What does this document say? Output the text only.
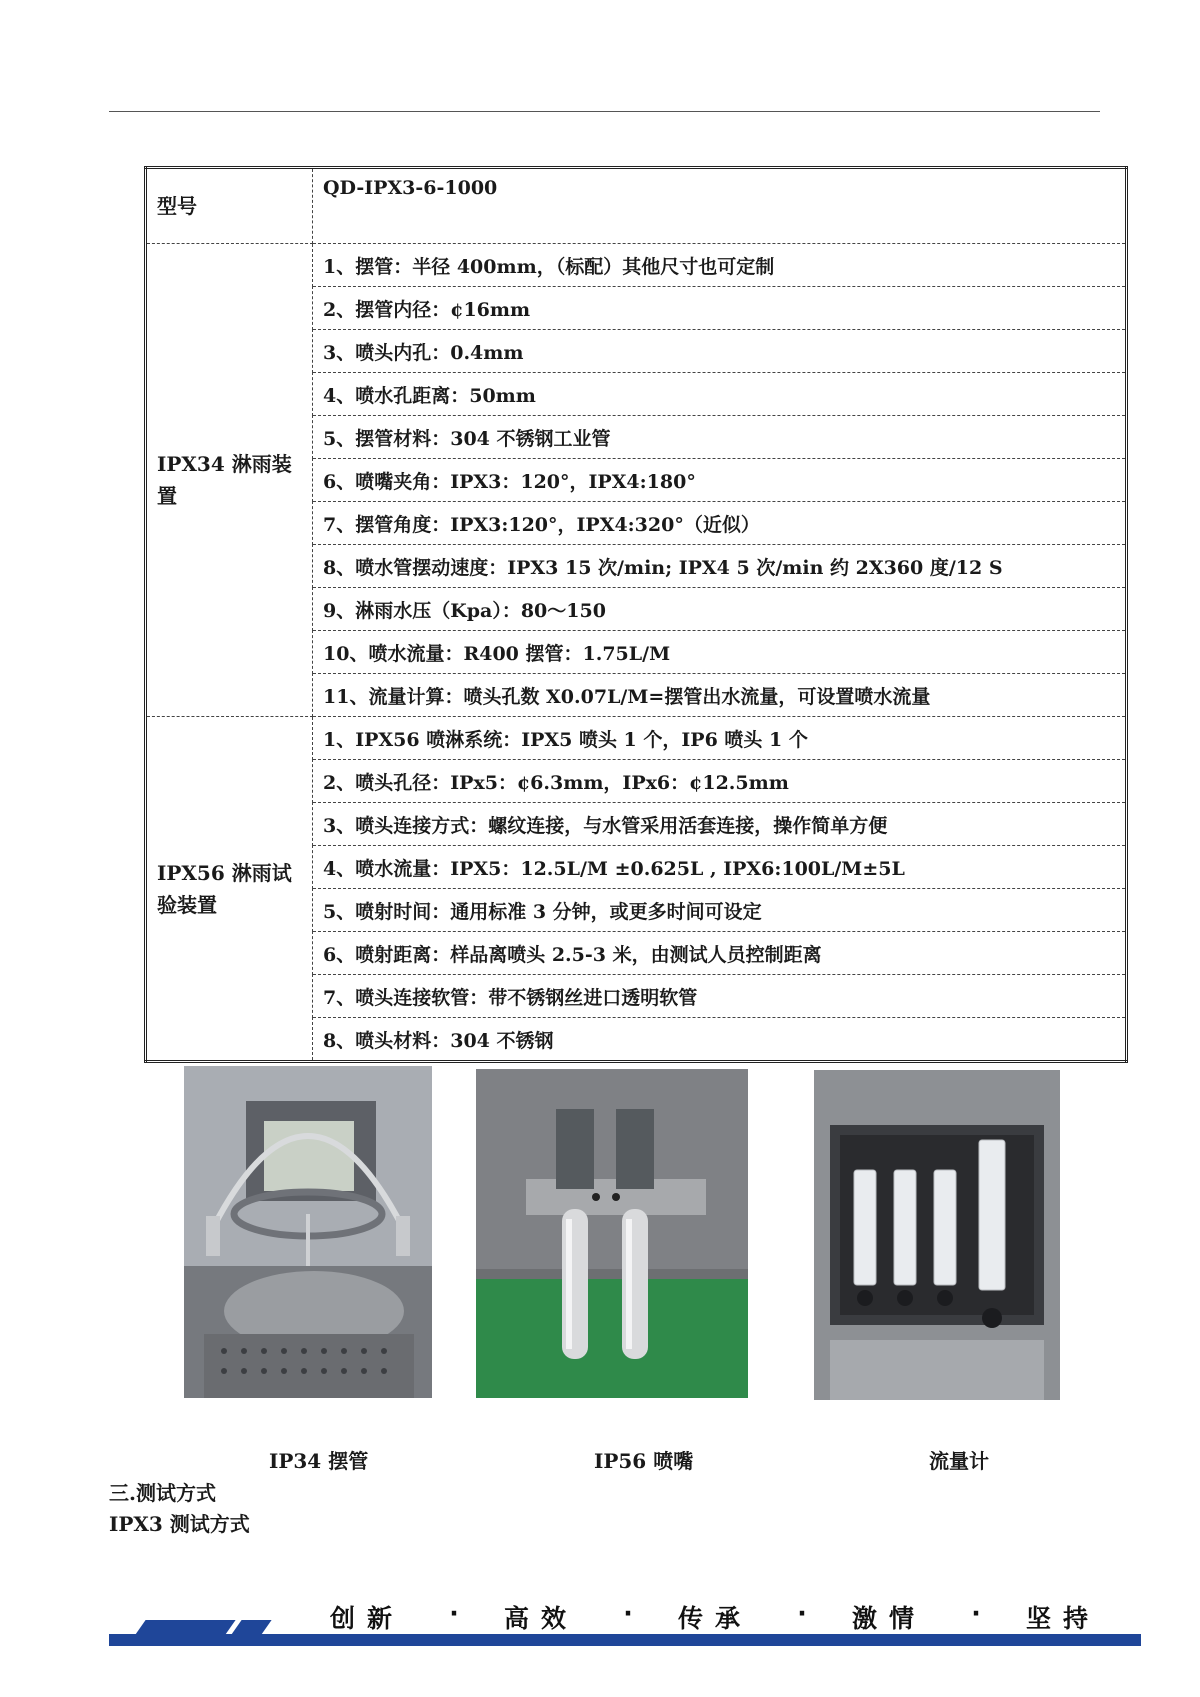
型号	QD-IPX3-6-1000
IPX34 淋雨装置	1、摆管：半径 400mm，（标配）其他尺寸也可定制
	2、摆管内径：¢16mm
	3、喷头内孔：0.4mm
	4、喷水孔距离：50mm
	5、摆管材料：304 不锈钢工业管
	6、喷嘴夹角：IPX3：120°，IPX4:180°
	7、摆管角度：IPX3:120°，IPX4:320°（近似）
	8、喷水管摆动速度：IPX3 15 次/min; IPX4 5 次/min 约 2X360 度/12 S
	9、淋雨水压（Kpa）：80～150
	10、喷水流量：R400 摆管：1.75L/M
	11、流量计算：喷头孔数 X0.07L/M=摆管出水流量，可设置喷水流量
IPX56 淋雨试验装置	1、IPX56 喷淋系统：IPX5 喷头 1 个，IP6 喷头 1 个
	2、喷头孔径：IPx5：¢6.3mm，IPx6：¢12.5mm
	3、喷头连接方式：螺纹连接，与水管采用活套连接，操作简单方便
	4、喷水流量：IPX5：12.5L/M ±0.625L , IPX6:100L/M±5L
	5、喷射时间：通用标准 3 分钟，或更多时间可设定
	6、喷射距离：样品离喷头 2.5-3 米，由测试人员控制距离
	7、喷头连接软管：带不锈钢丝进口透明软管
	8、喷头材料：304 不锈钢
IP34 摆管	IP56 喷嘴	流量计
三.测试方式
IPX3 测试方式
创新 · 高效 · 传承 · 激情 · 坚持
